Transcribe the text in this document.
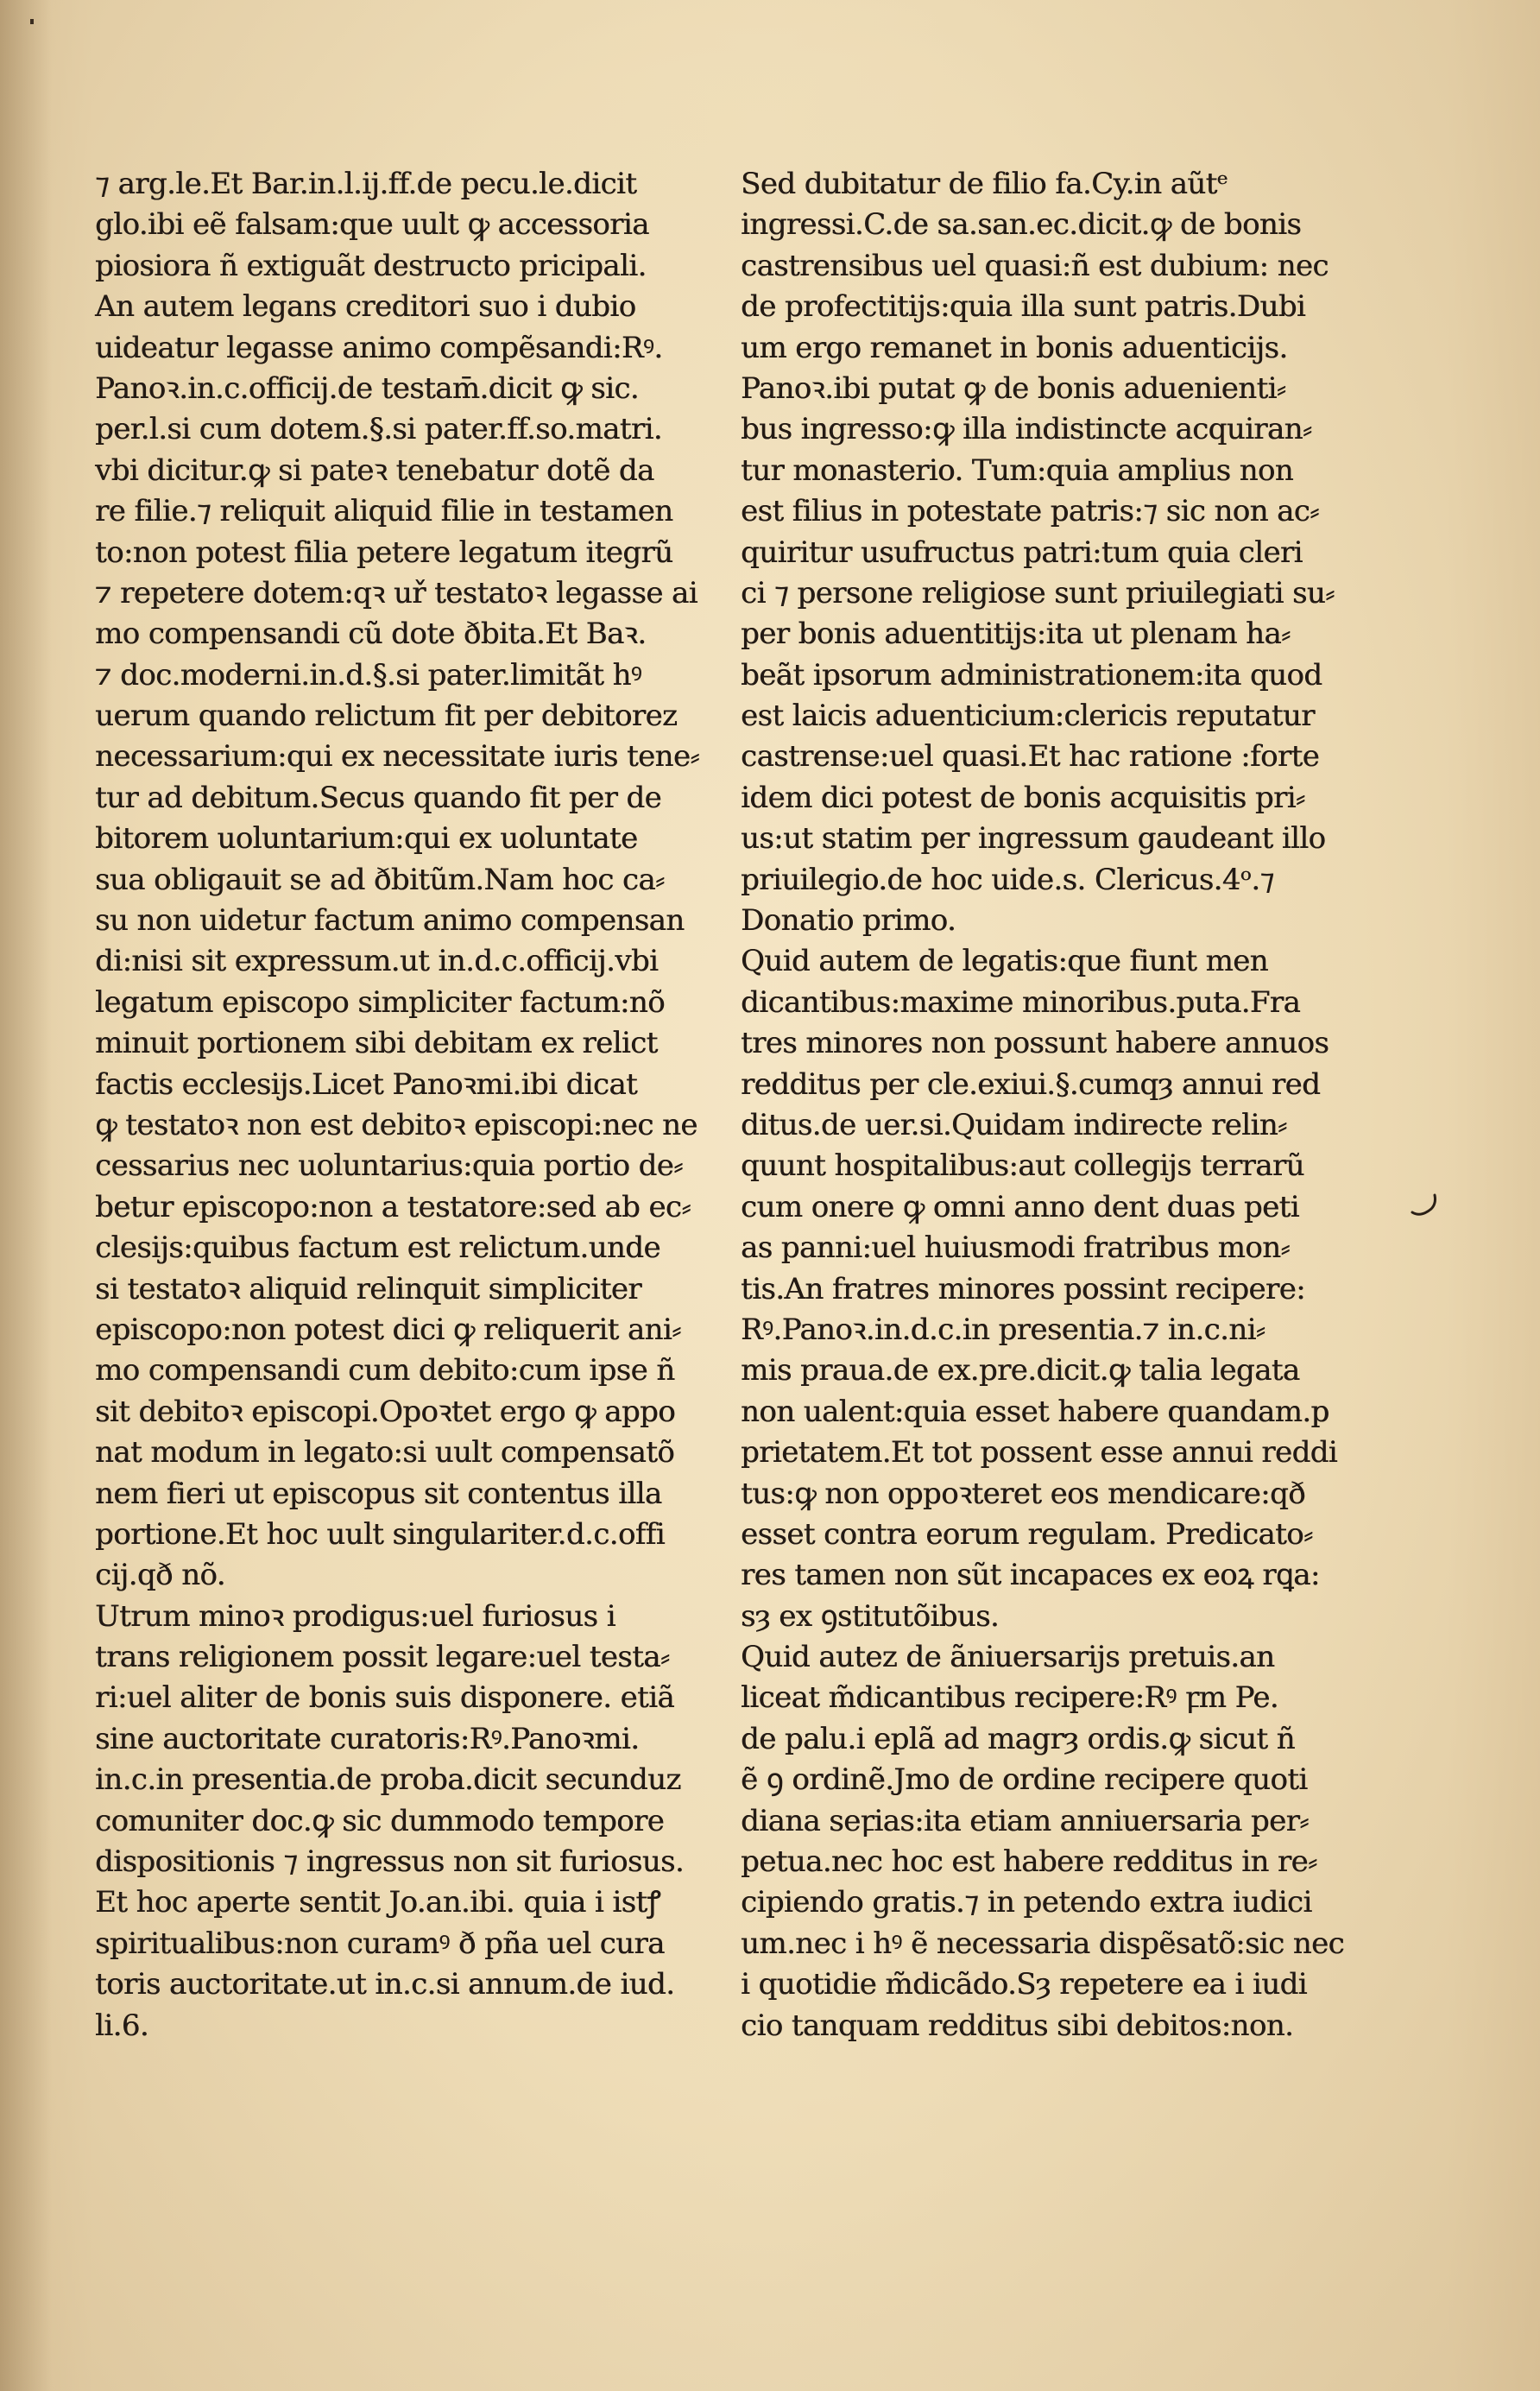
⁊ arg.le.Et Bar.in.l.ij.ff.de pecu.le.dicit
glo.ibi eẽ falsam:que uult ꝙ accessoria
piosiora ñ extiguãt destructo pricipali.
An autem legans creditori suo i dubio
uideatur legasse animo compẽsandi:Rꝰ.
Panoꝛ.in.c.officij.de testam̄.dicit ꝙ sic.
per.l.si cum dotem.§.si pater.ff.so.matri.
vbi dicitur.ꝙ si pateꝛ tenebatur dotẽ da
re filie.⁊ reliquit aliquid filie in testamen
to:non potest filia petere legatum itegrũ
⁊ repetere dotem:qꝛ uř testatoꝛ legasse ai
mo compensandi cũ dote ðbita.Et Baꝛ.
⁊ doc.moderni.in.d.§.si pater.limitãt hꝰ
uerum quando relictum fit per debitorez
necessarium:qui ex necessitate iuris tene⸗
tur ad debitum.Secus quando fit per de
bitorem uoluntarium:qui ex uoluntate
sua obligauit se ad ðbitũm.Nam hoc ca⸗
su non uidetur factum animo compensan
di:nisi sit expressum.ut in.d.c.officij.vbi
legatum episcopo simpliciter factum:nõ
minuit portionem sibi debitam ex relict
factis ecclesijs.Licet Panoꝛmi.ibi dicat
ꝙ testatoꝛ non est debitoꝛ episcopi:nec ne
cessarius nec uoluntarius:quia portio de⸗
betur episcopo:non a testatore:sed ab ec⸗
clesijs:quibus factum est relictum.unde
si testatoꝛ aliquid relinquit simpliciter
episcopo:non potest dici ꝙ reliquerit ani⸗
mo compensandi cum debito:cum ipse ñ
sit debitoꝛ episcopi.Opoꝛtet ergo ꝙ appo
nat modum in legato:si uult compensatõ
nem fieri ut episcopus sit contentus illa
portione.Et hoc uult singulariter.d.c.offi
cij.qð nõ.
Utrum minoꝛ prodigus:uel furiosus i
trans religionem possit legare:uel testa⸗
ri:uel aliter de bonis suis disponere. etiã
sine auctoritate curatoris:Rꝰ.Panoꝛmi.
in.c.in presentia.de proba.dicit secunduz
comuniter doc.ꝙ sic dummodo tempore
dispositionis ⁊ ingressus non sit furiosus.
Et hoc aperte sentit Jo.an.ibi. quia i istꝭ
spiritualibus:non curamꝰ ð pña uel cura
toris auctoritate.ut in.c.si annum.de iud.
li.6.
Sed dubitatur de filio fa.Cy.in aũtᵉ
ingressi.C.de sa.san.ec.dicit.ꝙ de bonis
castrensibus uel quasi:ñ est dubium: nec
de profectitijs:quia illa sunt patris.Dubi
um ergo remanet in bonis aduenticijs.
Panoꝛ.ibi putat ꝙ de bonis aduenienti⸗
bus ingresso:ꝙ illa indistincte acquiran⸗
tur monasterio. Tum:quia amplius non
est filius in potestate patris:⁊ sic non ac⸗
quiritur usufructus patri:tum quia cleri
ci ⁊ persone religiose sunt priuilegiati su⸗
per bonis aduentitijs:ita ut plenam ha⸗
beãt ipsorum administrationem:ita quod
est laicis aduenticium:clericis reputatur
castrense:uel quasi.Et hac ratione :forte
idem dici potest de bonis acquisitis pri⸗
us:ut statim per ingressum gaudeant illo
priuilegio.de hoc uide.s. Clericus.4ᵒ.⁊
Donatio primo.
Quid autem de legatis:que fiunt men
dicantibus:maxime minoribus.puta.Fra
tres minores non possunt habere annuos
redditus per cle.exiui.§.cumqȝ annui red
ditus.de uer.si.Quidam indirecte relin⸗
quunt hospitalibus:aut collegijs terrarũ
cum onere ꝙ omni anno dent duas peti
as panni:uel huiusmodi fratribus mon⸗
tis.An fratres minores possint recipere:
Rꝰ.Panoꝛ.in.d.c.in presentia.⁊ in.c.ni⸗
mis praua.de ex.pre.dicit.ꝙ talia legata
non ualent:quia esset habere quandam.p
prietatem.Et tot possent esse annui reddi
tus:ꝙ non oppoꝛteret eos mendicare:qð
esset contra eorum regulam. Predicato⸗
res tamen non sũt incapaces ex eoꝝ rꝗa:
sȝ ex ꝯstitutõibus.
Quid autez de ãniuersarijs pretuis.an
liceat m̃dicantibus recipere:Rꝰ ꝼm Pe.
de palu.i eplã ad magrȝ ordis.ꝙ sicut ñ
ẽ ꝯ ordinẽ.Jmo de ordine recipere quoti
diana seꝼias:ita etiam anniuersaria per⸗
petua.nec hoc est habere redditus in re⸗
cipiendo gratis.⁊ in petendo extra iudici
um.nec i hꝰ ẽ necessaria dispẽsatõ:sic nec
i quotidie m̃dicãdo.Sȝ repetere ea i iudi
cio tanquam redditus sibi debitos:non.
